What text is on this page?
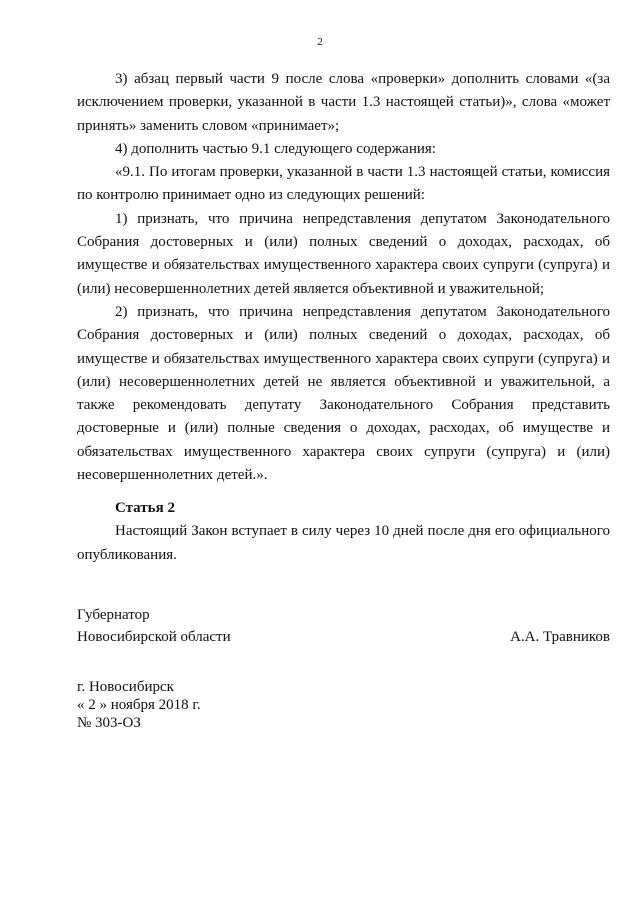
2

3) абзац первый части 9 после слова «проверки» дополнить словами «(за исключением проверки, указанной в части 1.3 настоящей статьи)», слова «может принять» заменить словом «принимает»;

4) дополнить частью 9.1 следующего содержания:

«9.1. По итогам проверки, указанной в части 1.3 настоящей статьи, комиссия по контролю принимает одно из следующих решений:

1) признать, что причина непредставления депутатом Законодательного Собрания достоверных и (или) полных сведений о доходах, расходах, об имуществе и обязательствах имущественного характера своих супруги (супруга) и (или) несовершеннолетних детей является объективной и уважительной;

2) признать, что причина непредставления депутатом Законодательного Собрания достоверных и (или) полных сведений о доходах, расходах, об имуществе и обязательствах имущественного характера своих супруги (супруга) и (или) несовершеннолетних детей не является объективной и уважительной, а также рекомендовать депутату Законодательного Собрания представить достоверные и (или) полные сведения о доходах, расходах, об имуществе и обязательствах имущественного характера своих супруги (супруга) и (или) несовершеннолетних детей.».

Статья 2

Настоящий Закон вступает в силу через 10 дней после дня его официального опубликования.

Губернатор
Новосибирской области	А.А. Травников
г. Новосибирск
« 2 » ноября 2018 г.
№ 303-ОЗ
